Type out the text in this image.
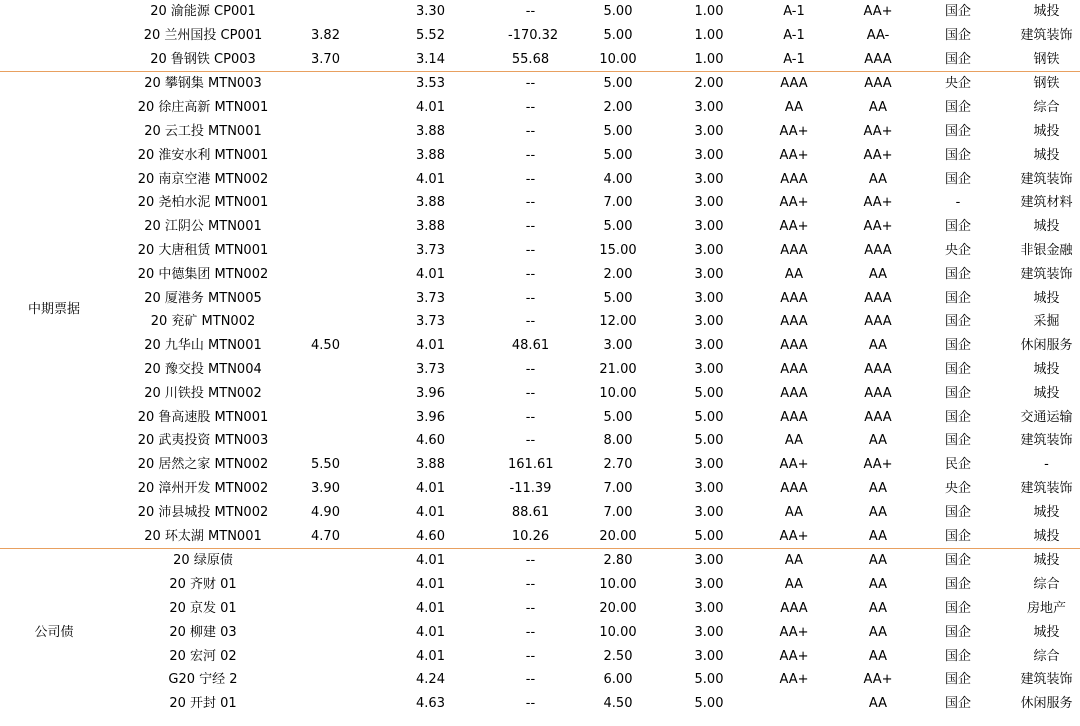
	20 渝能源 CP001		3.30	--	5.00	1.00	A-1	AA+	国企	城投
	20 兰州国投 CP001	3.82	5.52	-170.32	5.00	1.00	A-1	AA-	国企	建筑装饰
	20 鲁钢铁 CP003	3.70	3.14	55.68	10.00	1.00	A-1	AAA	国企	钢铁
中期票据	20 攀钢集 MTN003		3.53	--	5.00	2.00	AAA	AAA	央企	钢铁
	20 徐庄高新 MTN001		4.01	--	2.00	3.00	AA	AA	国企	综合
	20 云工投 MTN001		3.88	--	5.00	3.00	AA+	AA+	国企	城投
	20 淮安水利 MTN001		3.88	--	5.00	3.00	AA+	AA+	国企	城投
	20 南京空港 MTN002		4.01	--	4.00	3.00	AAA	AA	国企	建筑装饰
	20 尧柏水泥 MTN001		3.88	--	7.00	3.00	AA+	AA+	-	建筑材料
	20 江阴公 MTN001		3.88	--	5.00	3.00	AA+	AA+	国企	城投
	20 大唐租赁 MTN001		3.73	--	15.00	3.00	AAA	AAA	央企	非银金融
	20 中德集团 MTN002		4.01	--	2.00	3.00	AA	AA	国企	建筑装饰
	20 厦港务 MTN005		3.73	--	5.00	3.00	AAA	AAA	国企	城投
	20 兖矿 MTN002		3.73	--	12.00	3.00	AAA	AAA	国企	采掘
	20 九华山 MTN001	4.50	4.01	48.61	3.00	3.00	AAA	AA	国企	休闲服务
	20 豫交投 MTN004		3.73	--	21.00	3.00	AAA	AAA	国企	城投
	20 川铁投 MTN002		3.96	--	10.00	5.00	AAA	AAA	国企	城投
	20 鲁高速股 MTN001		3.96	--	5.00	5.00	AAA	AAA	国企	交通运输
	20 武夷投资 MTN003		4.60	--	8.00	5.00	AA	AA	国企	建筑装饰
	20 居然之家 MTN002	5.50	3.88	161.61	2.70	3.00	AA+	AA+	民企	-
	20 漳州开发 MTN002	3.90	4.01	-11.39	7.00	3.00	AAA	AA	央企	建筑装饰
	20 沛县城投 MTN002	4.90	4.01	88.61	7.00	3.00	AA	AA	国企	城投
	20 环太湖 MTN001	4.70	4.60	10.26	20.00	5.00	AA+	AA	国企	城投
公司债	20 绿原债		4.01	--	2.80	3.00	AA	AA	国企	城投
	20 齐财 01		4.01	--	10.00	3.00	AA	AA	国企	综合
	20 京发 01		4.01	--	20.00	3.00	AAA	AA	国企	房地产
	20 柳建 03		4.01	--	10.00	3.00	AA+	AA	国企	城投
	20 宏河 02		4.01	--	2.50	3.00	AA+	AA	国企	综合
	G20 宁经 2		4.24	--	6.00	5.00	AA+	AA+	国企	建筑装饰
	20 开封 01		4.63	--	4.50	5.00		AA	国企	休闲服务
